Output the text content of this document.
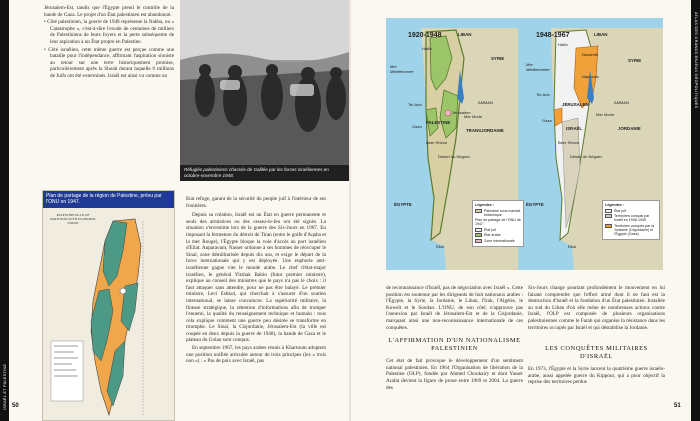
ISRAËL ET PALESTINE

Jérusalem-Est, tandis que l'Égypte prend le contrôle de la bande de Gaza. Le projet d'un État palestinien est abandonné.

• Côté palestinien, la guerre de 1948 représente la Nakba, ou « Catastrophe », c'est-à-dire l'exode de centaines de milliers de Palestiniens de leurs foyers et la perte subséquente de leur aspiration à un État propre en Palestine.

• Côté israélien, cette même guerre est perçue comme une bataille pour l'indépendance, affirmant l'aspiration sioniste au retour sur une terre historiquement promise, particulièrement après la Shoah durant laquelle 6 millions de Juifs ont été exterminés. Israël est ainsi vu comme un

Réfugiés palestiniens chassés de Galilée par les forces israéliennes en octobre-novembre 1948.
Plan de partage de la région de Palestine, prévu par l'ONU en 1947.
PALESTINE PLAN OF PARTITION WITH ECONOMIC UNION

État refuge, garant de la sécurité du peuple juif à l'intérieur de ses frontières.

Depuis sa création, Israël est un État en guerre permanente et seuls des armistices ou des cessez-le-feu ont été signés. La situation s'envenime lors de la guerre des Six-Jours en 1967. En imposant la fermeture du détroit de Tiran (entre le golfe d'Aqaba et la mer Rouge), l'Égypte bloque la voie d'accès au port israélien d'Eilat. Auparavant, Nasser ordonne à ses hommes de réoccuper le Sinaï, zone démilitarisée depuis dix ans, et exige le départ de la force internationale qui y est déployée. Une euphorie anti-israélienne gagne vite le monde arabe. Le chef d'état-major israélien, le général Yitzhak Rabin (futur premier ministre), explique au conseil des ministres que le pays n'a pas le choix : il faut attaquer sans attendre, pour ne pas être balayé. Le premier ministre, Levi Eshkol, qui cherchait à s'assurer d'un soutien international, se laisse convaincre. La supériorité militaire, la finesse stratégique, la rétention d'informations afin de tromper l'ennemi, la qualité du renseignement technique et humain : tous cela explique comment une guerre peu désirée se transforme en triomphe. Le Sinaï, la Cisjordanie, Jérusalem-Est (la ville est coupée en deux depuis la guerre de 1948), la bande de Gaza et le plateau du Golan sont conquis.

En septembre 1967, les pays arabes réunis à Khartoum adoptent une position unifiée articulée autour de trois principes (les « trois non ») : « Pas de paix avec Israël, pas

50
1920-1948	1948-1967
LIBAN
SYRIE
Mer Méditerranée
Haïfa
Tel-Aviv
Jérusalem
PALESTINE
TRANSJORDANIE
AMMAN
Gaza
Beer Sheva
Mer Morte
Désert du Néguev
ÉGYPTE
Eilat
LIBAN
SYRIE
Mer Méditerranée
Haïfa
Nazareth
Naplouse
Tel-Aviv
JÉRUSALEM
ISRAËL	JORDANIE
AMMAN
Gaza
Beer Sheva
Mer Morte
Désert du Néguev
ÉGYPTE
Eilat
Légendes :
Palestine sous mandat britannique
Plan de partage de l'ONU de 1947 :
État juif
État arabe
Zone internationale
Légendes :
État juif
Territoires conquis par Israël en 1948-1949
Territoires occupés par la Jordanie (Cisjordanie) et l'Égypte (Gaza)

de reconnaissance d'Israël, pas de négociation avec Israël ». Cette position est soutenue par les dirigeants de huit nationaux arabes : l'Égypte, la Syrie, la Jordanie, le Liban, l'Irak, l'Algérie, le Koweït et le Soudan. L'ONU, de son côté, n'approuve pas l'annexion par Israël de Jérusalem-Est et de la Cisjordanie, marquant ainsi une non-reconnaissance internationale de ces conquêtes.

L'AFFIRMATION D'UN NATIONALISME PALESTINIEN

Cet état de fait provoque le développement d'un sentiment national palestinien. En 1964 l'Organisation de libération de la Palestine (OLP), fondée par Ahmed Choukairy et dont Yasser Arafat devient la figure de proue entre 1969 et 2004. La guerre des

Six-Jours change pourtant profondément le mouvement en lui faisant comprendre que l'effort armé dont il ne faut est la destruction d'Israël et la fondation d'un État palestinien. Installée au sud du Liban d'où elle mène de nombreuses actions contre Israël, l'OLP est composée de plusieurs organisations palestiniennes comme le Fatah qui organise la résistance dans les territoires occupés par Israël et qui déstabilise la Jordanie.

LES CONQUÊTES MILITAIRES D'ISRAËL

En 1973, l'Égypte et la Syrie lancent la quatrième guerre israélo-arabe, aussi appelée guerre du Kippour, qui a pour objectif la reprise des territoires perdus

ATLAS DES GRANDS ENJEUX GÉOPOLITIQUES
51
